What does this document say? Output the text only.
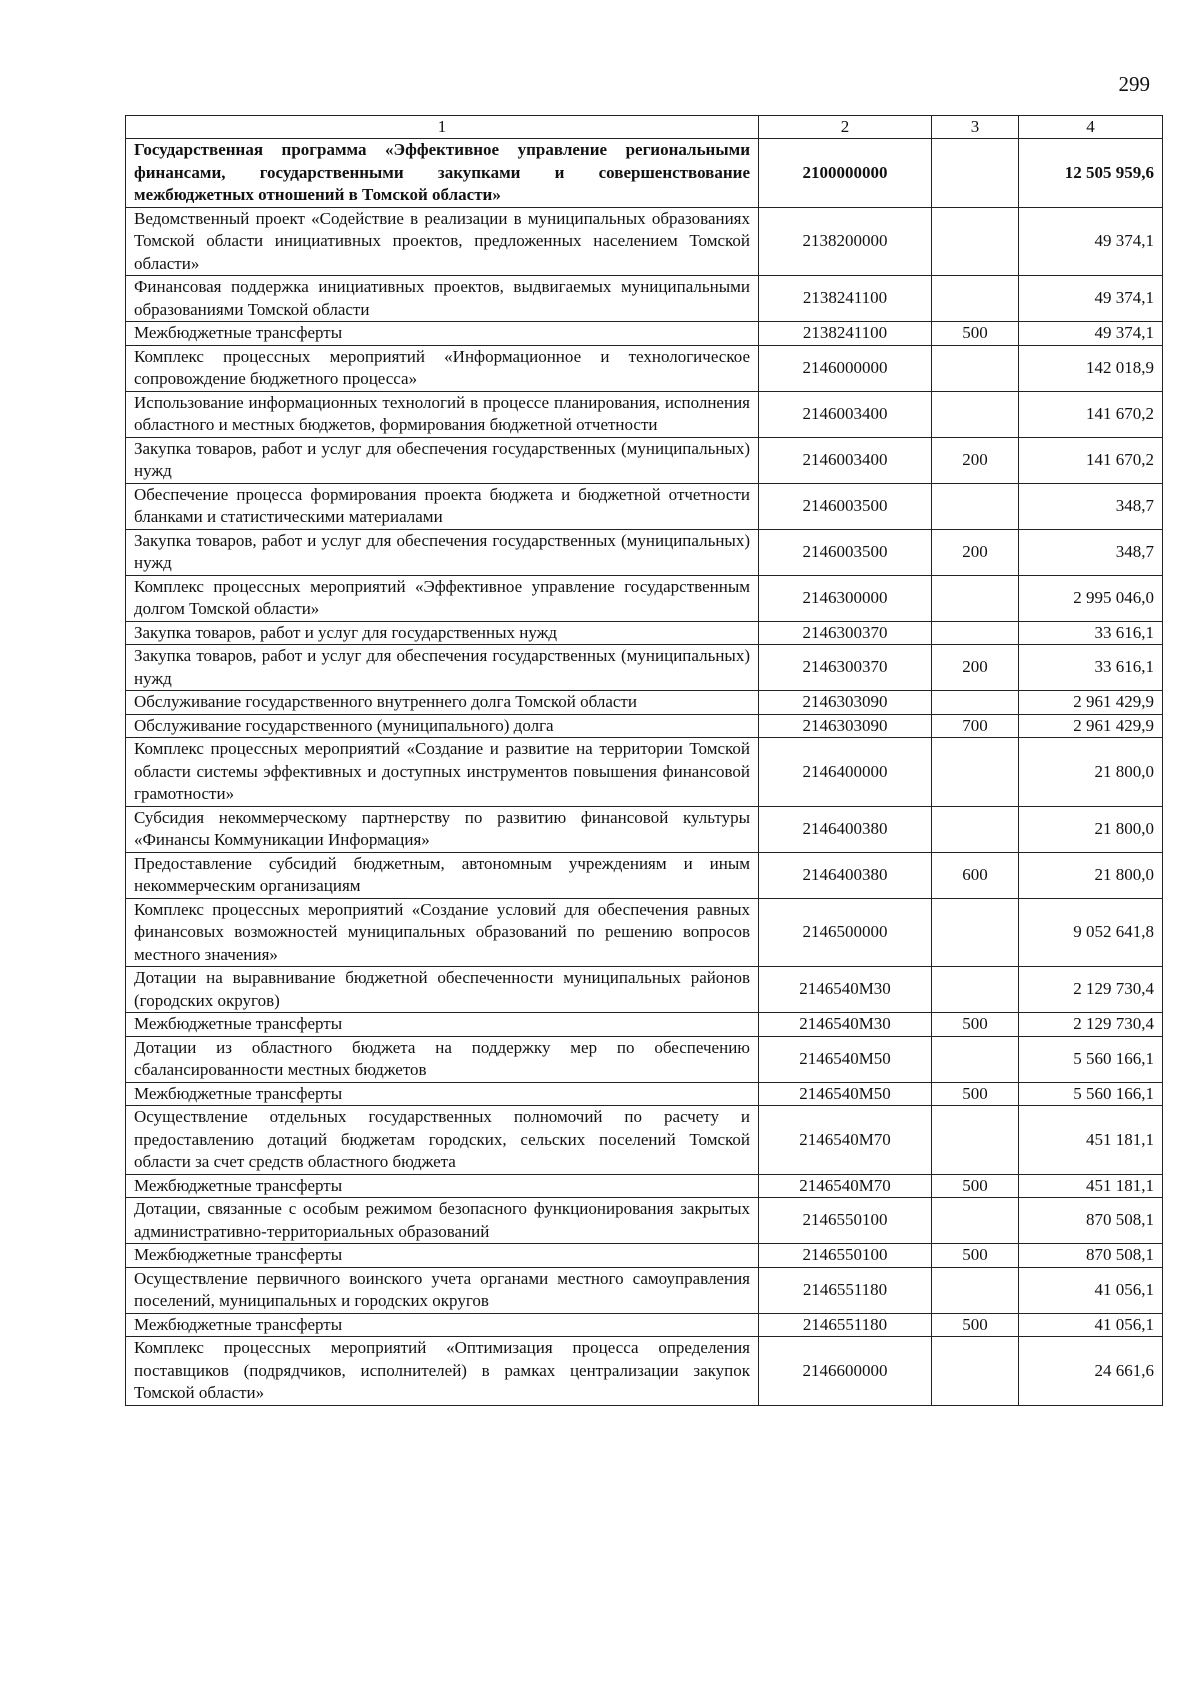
299
1	2	3	4
Государственная программа «Эффективное управление региональными финансами, государственными закупками и совершенствование межбюджетных отношений в Томской области»	2100000000		12 505 959,6
Ведомственный проект «Содействие в реализации в муниципальных образованиях Томской области инициативных проектов, предложенных населением Томской области»	2138200000		49 374,1
Финансовая поддержка инициативных проектов, выдвигаемых муниципальными образованиями Томской области	2138241100		49 374,1
Межбюджетные трансферты	2138241100	500	49 374,1
Комплекс процессных мероприятий «Информационное и технологическое сопровождение бюджетного процесса»	2146000000		142 018,9
Использование информационных технологий в процессе планирования, исполнения областного и местных бюджетов, формирования бюджетной отчетности	2146003400		141 670,2
Закупка товаров, работ и услуг для обеспечения государственных (муниципальных) нужд	2146003400	200	141 670,2
Обеспечение процесса формирования проекта бюджета и бюджетной отчетности бланками и статистическими материалами	2146003500		348,7
Закупка товаров, работ и услуг для обеспечения государственных (муниципальных) нужд	2146003500	200	348,7
Комплекс процессных мероприятий «Эффективное управление государственным долгом Томской области»	2146300000		2 995 046,0
Закупка товаров, работ и услуг для государственных нужд	2146300370		33 616,1
Закупка товаров, работ и услуг для обеспечения государственных (муниципальных) нужд	2146300370	200	33 616,1
Обслуживание государственного внутреннего долга Томской области	2146303090		2 961 429,9
Обслуживание государственного (муниципального) долга	2146303090	700	2 961 429,9
Комплекс процессных мероприятий «Создание и развитие на территории Томской области системы эффективных и доступных инструментов повышения финансовой грамотности»	2146400000		21 800,0
Субсидия некоммерческому партнерству по развитию финансовой культуры «Финансы Коммуникации Информация»	2146400380		21 800,0
Предоставление субсидий бюджетным, автономным учреждениям и иным некоммерческим организациям	2146400380	600	21 800,0
Комплекс процессных мероприятий «Создание условий для обеспечения равных финансовых возможностей муниципальных образований по решению вопросов местного значения»	2146500000		9 052 641,8
Дотации на выравнивание бюджетной обеспеченности муниципальных районов (городских округов)	2146540М30		2 129 730,4
Межбюджетные трансферты	2146540М30	500	2 129 730,4
Дотации из областного бюджета на поддержку мер по обеспечению сбалансированности местных бюджетов	2146540М50		5 560 166,1
Межбюджетные трансферты	2146540М50	500	5 560 166,1
Осуществление отдельных государственных полномочий по расчету и предоставлению дотаций бюджетам городских, сельских поселений Томской области за счет средств областного бюджета	2146540М70		451 181,1
Межбюджетные трансферты	2146540М70	500	451 181,1
Дотации, связанные с особым режимом безопасного функционирования закрытых административно-территориальных образований	2146550100		870 508,1
Межбюджетные трансферты	2146550100	500	870 508,1
Осуществление первичного воинского учета органами местного самоуправления поселений, муниципальных и городских округов	2146551180		41 056,1
Межбюджетные трансферты	2146551180	500	41 056,1
Комплекс процессных мероприятий «Оптимизация процесса определения поставщиков (подрядчиков, исполнителей) в рамках централизации закупок Томской области»	2146600000		24 661,6
